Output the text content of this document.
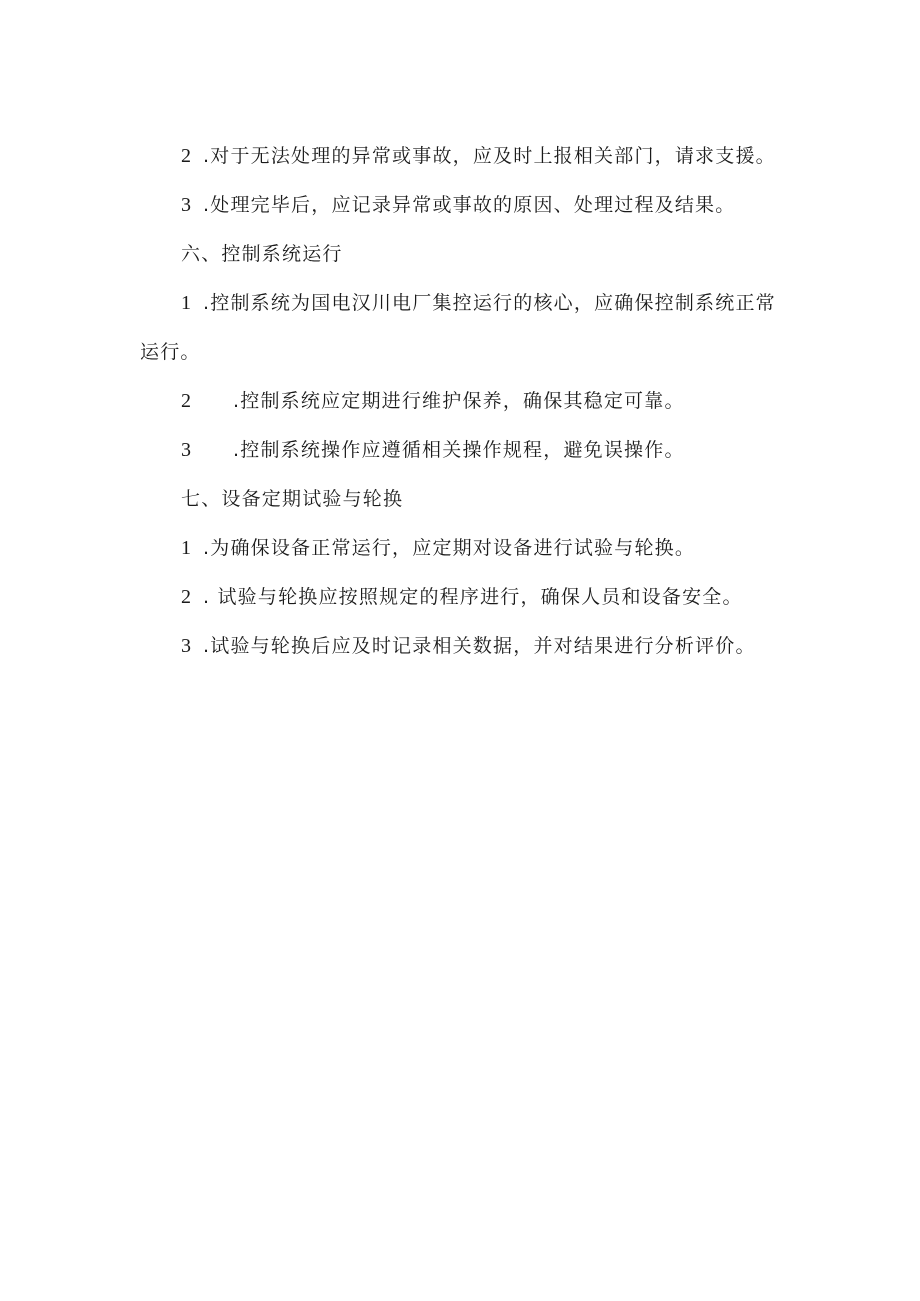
2 .对于无法处理的异常或事故，应及时上报相关部门，请求支援。
3 .处理完毕后，应记录异常或事故的原因、处理过程及结果。
六、控制系统运行
1 .控制系统为国电汉川电厂集控运行的核心，应确保控制系统正常
运行。
2 .控制系统应定期进行维护保养，确保其稳定可靠。
3 .控制系统操作应遵循相关操作规程，避免误操作。
七、设备定期试验与轮换
1 .为确保设备正常运行，应定期对设备进行试验与轮换。
2 . 试验与轮换应按照规定的程序进行，确保人员和设备安全。
3 .试验与轮换后应及时记录相关数据，并对结果进行分析评价。
